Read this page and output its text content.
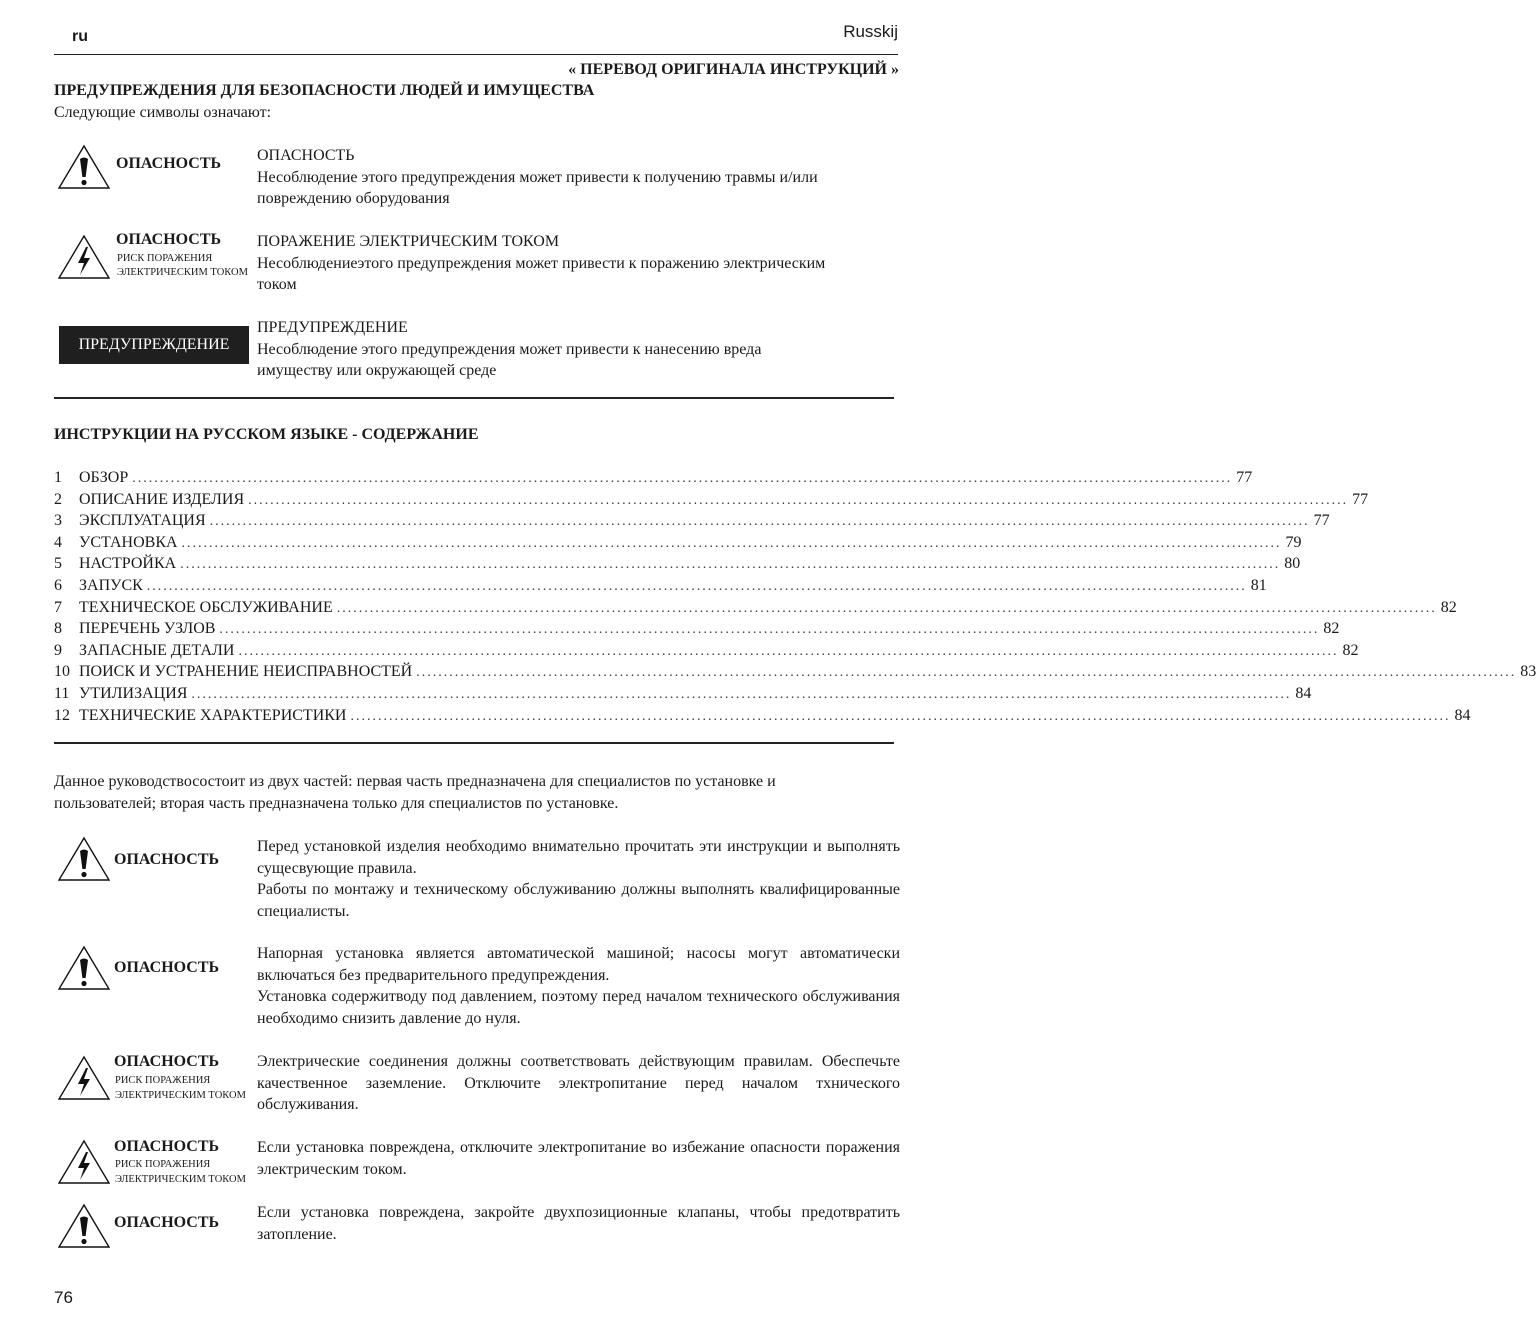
ru	Russkij
« ПЕРЕВОД ОРИГИНАЛА ИНСТРУКЦИЙ »
ПРЕДУПРЕЖДЕНИЯ ДЛЯ БЕЗОПАСНОСТИ ЛЮДЕЙ И ИМУЩЕСТВА
Следующие символы означают:
ОПАСНОСТЬ ОПАСНОСТЬ
Несоблюдение этого предупреждения может привести к получению травмы и/или
повреждению оборудования
ОПАСНОСТЬ
РИСК ПОРАЖЕНИЯ
ЭЛЕКТРИЧЕСКИМ ТОКОМ
ПОРАЖЕНИЕ ЭЛЕКТРИЧЕСКИМ ТОКОМ
Несоблюдениеэтого предупреждения может привести к поражению электрическим
током
ПРЕДУПРЕЖДЕНИЕ
ПРЕДУПРЕЖДЕНИЕ
Несоблюдение этого предупреждения может привести к нанесению вреда
имуществу или окружающей среде
ИНСТРУКЦИИ НА РУССКОМ ЯЗЫКЕ - СОДЕРЖАНИЕ
1	ОБЗОР ........................................................................................................................................................................................................ 77
2	ОПИСАНИЕ ИЗДЕЛИЯ ........................................................................................................................................................................................................ 77
3	ЭКСПЛУАТАЦИЯ ........................................................................................................................................................................................................ 77
4	УСТАНОВКА ........................................................................................................................................................................................................ 79
5	НАСТРОЙКА ........................................................................................................................................................................................................ 80
6	ЗАПУСК ........................................................................................................................................................................................................ 81
7	ТЕХНИЧЕСКОЕ ОБСЛУЖИВАНИЕ ........................................................................................................................................................................................................ 82
8	ПЕРЕЧЕНЬ УЗЛОВ ........................................................................................................................................................................................................ 82
9	ЗАПАСНЫЕ ДЕТАЛИ ........................................................................................................................................................................................................ 82
10 ПОИСК И УСТРАНЕНИЕ НЕИСПРАВНОСТЕЙ ........................................................................................................................................................................................................ 83
11 УТИЛИЗАЦИЯ ........................................................................................................................................................................................................ 84
12 ТЕХНИЧЕСКИЕ ХАРАКТЕРИСТИКИ ........................................................................................................................................................................................................ 84
Данное руководствосостоит из двух частей: первая часть предназначена для специалистов по установке и
пользователей; вторая часть предназначена только для специалистов по установке.
ОПАСНОСТЬ

Перед установкой изделия необходимо внимательно прочитать эти инструкции и выполнять сущесвующие правила.

Работы по монтажу и техническому обслуживанию должны выполнять квалифицированные специалисты.

ОПАСНОСТЬ

Напорная установка является автоматической машиной; насосы могут автоматически включаться без предварительного предупреждения.

Установка содержитводу под давлением, поэтому перед началом технического обслуживания необходимо снизить давление до нуля.

ОПАСНОСТЬ
РИСК ПОРАЖЕНИЯ
ЭЛЕКТРИЧЕСКИМ ТОКОМ

Электрические соединения должны соответствовать действующим правилам. Обеспечьте качественное заземление. Отключите электропитание перед началом тхнического обслуживания.

ОПАСНОСТЬ
РИСК ПОРАЖЕНИЯ
ЭЛЕКТРИЧЕСКИМ ТОКОМ

Если установка повреждена, отключите электропитание во избежание опасности поражения электрическим током.

ОПАСНОСТЬ

Если установка повреждена, закройте двухпозиционные клапаны, чтобы предотвратить затопление.

76
